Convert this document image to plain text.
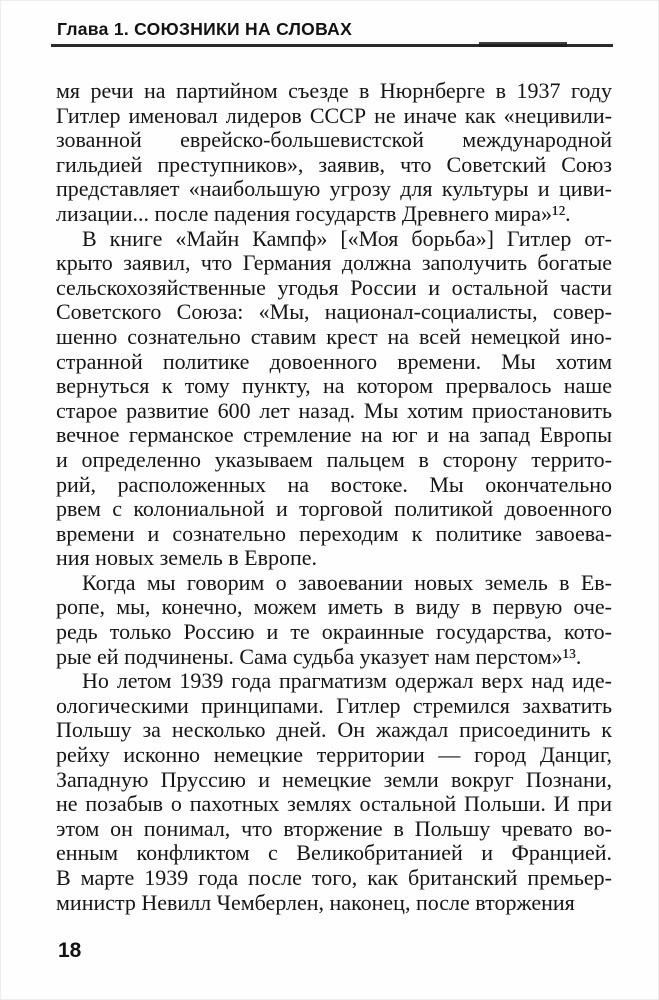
Глава 1. СОЮЗНИКИ НА СЛОВАХ
мя речи на партийном съезде в Нюрнберге в 1937 году
Гитлер именовал лидеров СССР не иначе как «нецивили-
зованной еврейско-большевистской международной
гильдией преступников», заявив, что Советский Союз
представляет «наибольшую угрозу для культуры и циви-
лизации... после падения государств Древнего мира»¹².
В книге «Майн Кампф» [«Моя борьба»] Гитлер от-
крыто заявил, что Германия должна заполучить богатые
сельскохозяйственные угодья России и остальной части
Советского Союза: «Мы, национал-социалисты, совер-
шенно сознательно ставим крест на всей немецкой ино-
странной политике довоенного времени. Мы хотим
вернуться к тому пункту, на котором прервалось наше
старое развитие 600 лет назад. Мы хотим приостановить
вечное германское стремление на юг и на запад Европы
и определенно указываем пальцем в сторону террито-
рий, расположенных на востоке. Мы окончательно
рвем с колониальной и торговой политикой довоенного
времени и сознательно переходим к политике завоева-
ния новых земель в Европе.
Когда мы говорим о завоевании новых земель в Ев-
ропе, мы, конечно, можем иметь в виду в первую оче-
редь только Россию и те окраинные государства, кото-
рые ей подчинены. Сама судьба указует нам перстом»¹³.
Но летом 1939 года прагматизм одержал верх над иде-
ологическими принципами. Гитлер стремился захватить
Польшу за несколько дней. Он жаждал присоединить к
рейху исконно немецкие территории — город Данциг,
Западную Пруссию и немецкие земли вокруг Познани,
не позабыв о пахотных землях остальной Польши. И при
этом он понимал, что вторжение в Польшу чревато во-
енным конфликтом с Великобританией и Францией.
В марте 1939 года после того, как британский премьер-
министр Невилл Чемберлен, наконец, после вторжения
18
